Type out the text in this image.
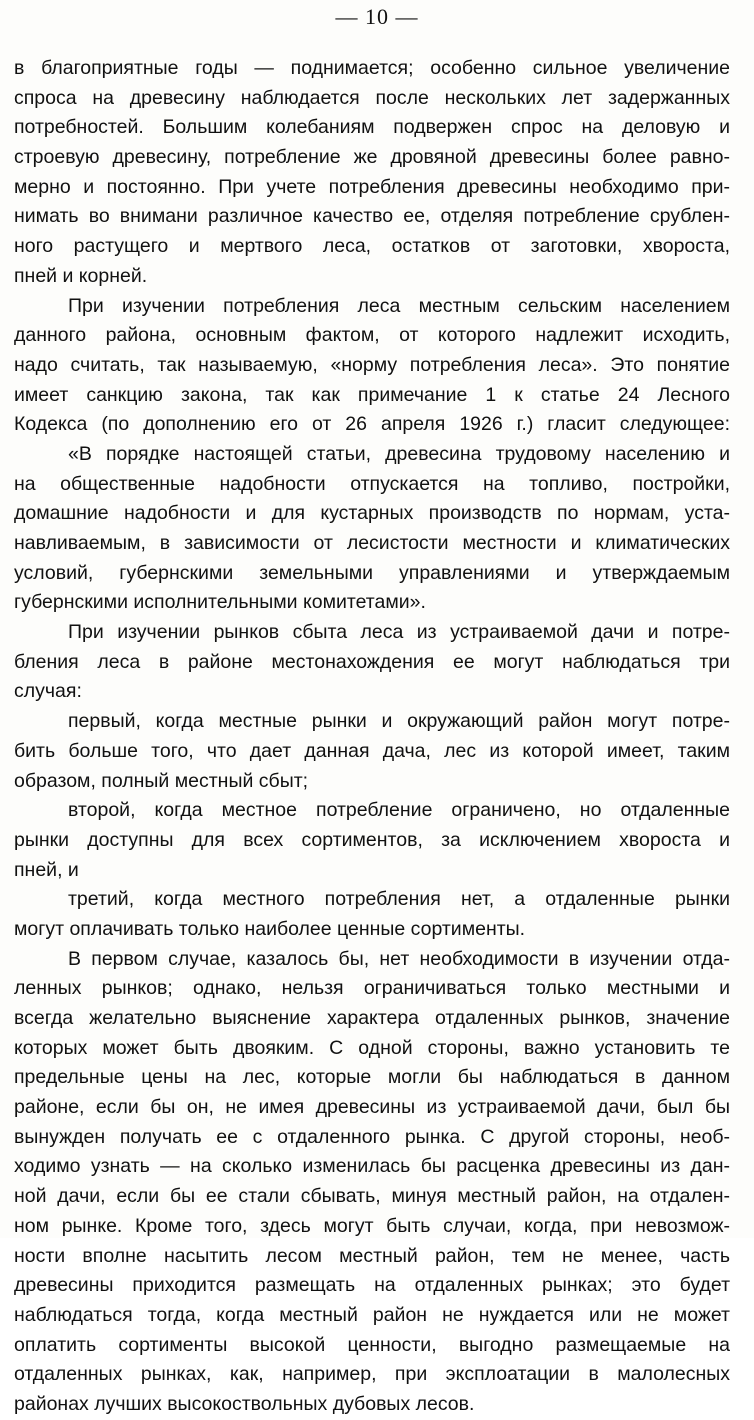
— 10 —
в благоприятные годы — поднимается; особенно сильное увеличение
спроса на древесину наблюдается после нескольких лет задержанных
потребностей. Большим колебаниям подвержен спрос на деловую и
строевую древесину, потребление же дровяной древесины более равно-
мерно и постоянно. При учете потребления древесины необходимо при-
нимать во внимани различное качество ее, отделяя потребление срублен-
ного растущего и мертвого леса, остатков от заготовки, хвороста,
пней и корней.
При изучении потребления леса местным сельским населением
данного района, основным фактом, от которого надлежит исходить,
надо считать, так называемую, «норму потребления леса». Это понятие
имеет санкцию закона, так как примечание 1 к статье 24 Лесного
Кодекса (по дополнению его от 26 апреля 1926 г.) гласит следующее:
«В порядке настоящей статьи, древесина трудовому населению и
на общественные надобности отпускается на топливо, постройки,
домашние надобности и для кустарных производств по нормам, уста-
навливаемым, в зависимости от лесистости местности и климатических
условий, губернскими земельными управлениями и утверждаемым
губернскими исполнительными комитетами».
При изучении рынков сбыта леса из устраиваемой дачи и потре-
бления леса в районе местонахождения ее могут наблюдаться три
случая:
первый, когда местные рынки и окружающий район могут потре-
бить больше того, что дает данная дача, лес из которой имеет, таким
образом, полный местный сбыт;
второй, когда местное потребление ограничено, но отдаленные
рынки доступны для всех сортиментов, за исключением хвороста и
пней, и
третий, когда местного потребления нет, а отдаленные рынки
могут оплачивать только наиболее ценные сортименты.
В первом случае, казалось бы, нет необходимости в изучении отда-
ленных рынков; однако, нельзя ограничиваться только местными и
всегда желательно выяснение характера отдаленных рынков, значение
которых может быть двояким. С одной стороны, важно установить те
предельные цены на лес, которые могли бы наблюдаться в данном
районе, если бы он, не имея древесины из устраиваемой дачи, был бы
вынужден получать ее с отдаленного рынка. С другой стороны, необ-
ходимо узнать — на сколько изменилась бы расценка древесины из дан-
ной дачи, если бы ее стали сбывать, минуя местный район, на отдален-
ном рынке. Кроме того, здесь могут быть случаи, когда, при невозмож-
ности вполне насытить лесом местный район, тем не менее, часть
древесины приходится размещать на отдаленных рынках; это будет
наблюдаться тогда, когда местный район не нуждается или не может
оплатить сортименты высокой ценности, выгодно размещаемые на
отдаленных рынках, как, например, при эксплоатации в малолесных
районах лучших высокоствольных дубовых лесов.
